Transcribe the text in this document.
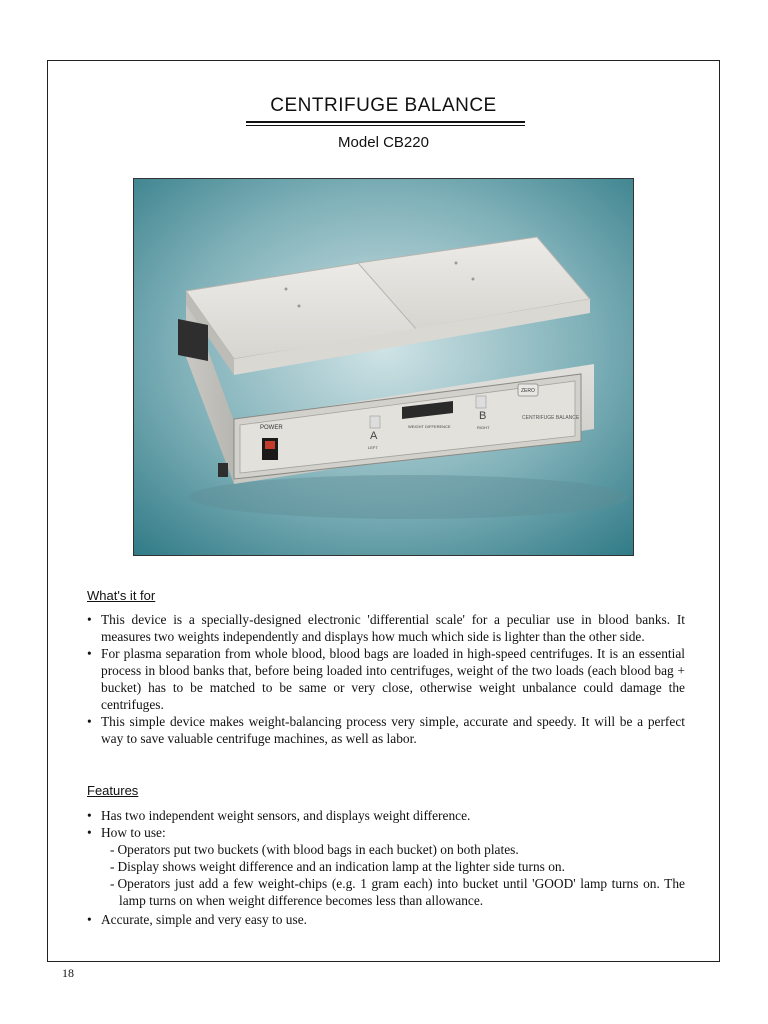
CENTRIFUGE BALANCE
Model CB220
POWER
A
LEFT
WEIGHT DIFFERENCE
B
RIGHT
ZERO
CENTRIFUGE BALANCE
What's it for
• This device is a specially-designed electronic 'differential scale' for a peculiar use in blood banks. It measures two weights independently and displays how much which side is lighter than the other side.
• For plasma separation from whole blood, blood bags are loaded in high-speed centrifuges. It is an essential process in blood banks that, before being loaded into centrifuges, weight of the two loads (each blood bag + bucket) has to be matched to be same or very close, otherwise weight unbalance could damage the centrifuges.
• This simple device makes weight-balancing process very simple, accurate and speedy. It will be a perfect way to save valuable centrifuge machines, as well as labor.
Features
• Has two independent weight sensors, and displays weight difference.
• How to use:
- Operators put two buckets (with blood bags in each bucket) on both plates.
- Display shows weight difference and an indication lamp at the lighter side turns on.
- Operators just add a few weight-chips (e.g. 1 gram each) into bucket until 'GOOD' lamp turns on. The lamp turns on when weight difference becomes less than allowance.
• Accurate, simple and very easy to use.
18
